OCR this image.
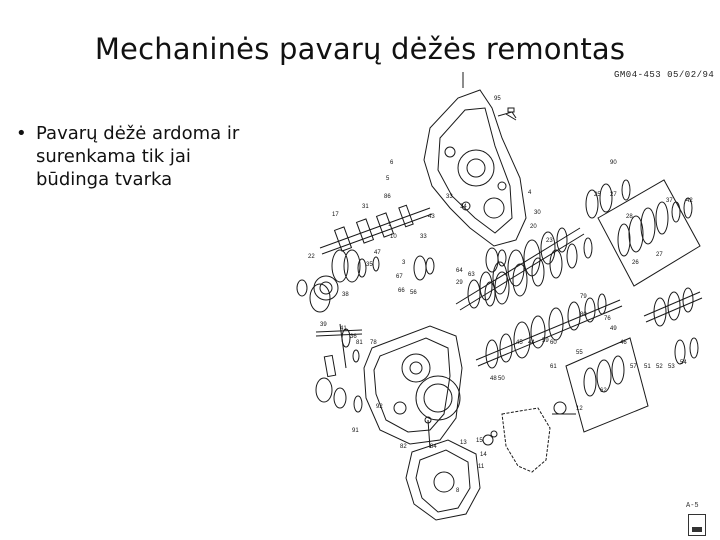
Mechaninės pavarų dėžės remontas
• Pavarų dėžė ardoma ir surenkama tik jai būdinga tvarka
GM04-453 05/02/94
95
6
5
90
86
31
33
34
4	25 27
37 42
17
1
10
47
35
43
33
30
20
23
22
3
67
66 56
64
63
29
28
26
27
38
39
41
36
81 78
79
80
76
49
46
60
61
59
48 50
45 44
55
54
53
52
51
57
62
12
91
92
82	84
13 15
14
11
8
A-5
